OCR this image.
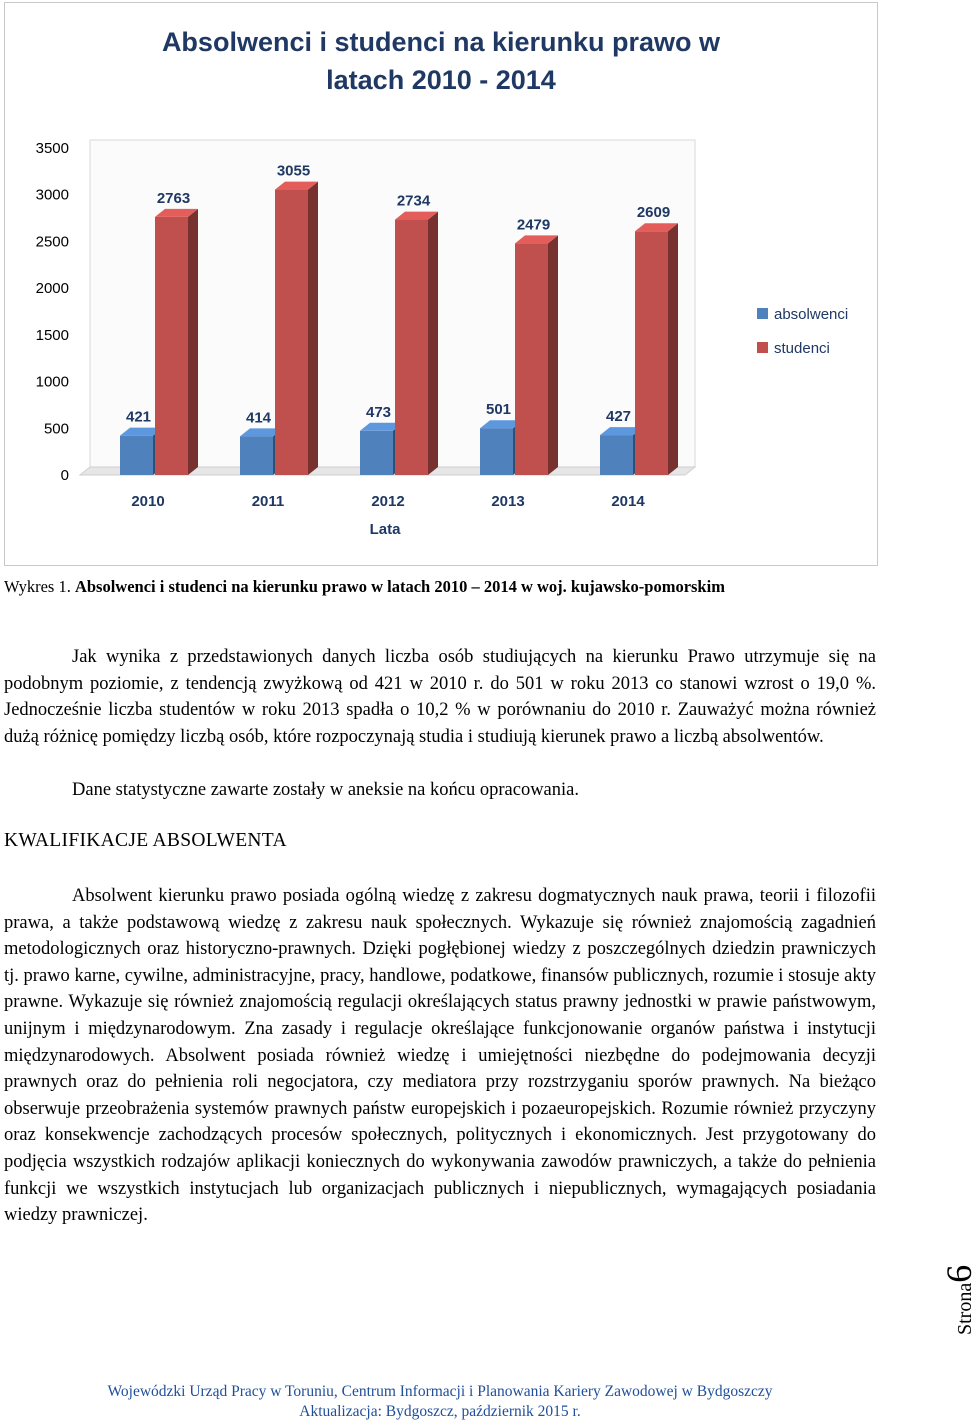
Absolwenci i studenci na kierunku prawo w
latach 2010 - 2014
0
500
1000
1500
2000
2500
3000
3500
421
2763
2010
414
3055
2011
473
2734
2012
501
2479
2013
427
2609
2014
absolwenci
studenci
Lata
Wykres 1. Absolwenci i studenci na kierunku prawo w latach 2010 – 2014 w woj. kujawsko-pomorskim

Jak wynika z przedstawionych danych liczba osób studiujących na kierunku Prawo utrzymuje się na podobnym poziomie, z tendencją zwyżkową od 421 w 2010 r. do 501 w roku 2013 co stanowi wzrost o 19,0 %. Jednocześnie liczba studentów w roku 2013 spadła o 10,2 % w porównaniu do 2010 r. Zauważyć można również dużą różnicę pomiędzy liczbą osób, które rozpoczynają studia i studiują kierunek prawo a liczbą absolwentów.

Dane statystyczne zawarte zostały w aneksie na końcu opracowania.

KWALIFIKACJE ABSOLWENTA

Absolwent kierunku prawo posiada ogólną wiedzę z zakresu dogmatycznych nauk prawa, teorii i filozofii prawa, a także podstawową wiedzę z zakresu nauk społecznych. Wykazuje się również znajomością zagadnień metodologicznych oraz historyczno-prawnych. Dzięki pogłębionej wiedzy z poszczególnych dziedzin prawniczych tj. prawo karne, cywilne, administracyjne, pracy, handlowe, podatkowe, finansów publicznych, rozumie i stosuje akty prawne. Wykazuje się również znajomością regulacji określających status prawny jednostki w prawie państwowym, unijnym i międzynarodowym. Zna zasady i regulacje określające funkcjonowanie organów państwa i instytucji międzynarodowych. Absolwent posiada również wiedzę i umiejętności niezbędne do podejmowania decyzji prawnych oraz do pełnienia roli negocjatora, czy mediatora przy rozstrzyganiu sporów prawnych. Na bieżąco obserwuje przeobrażenia systemów prawnych państw europejskich i pozaeuropejskich. Rozumie również przyczyny oraz konsekwencje zachodzących procesów społecznych, politycznych i ekonomicznych. Jest przygotowany do podjęcia wszystkich rodzajów aplikacji koniecznych do wykonywania zawodów prawniczych, a także do pełnienia funkcji we wszystkich instytucjach lub organizacjach publicznych i niepublicznych, wymagających posiadania wiedzy prawniczej.

Strona6
Wojewódzki Urząd Pracy w Toruniu, Centrum Informacji i Planowania Kariery Zawodowej w Bydgoszczy
Aktualizacja: Bydgoszcz, październik 2015 r.
